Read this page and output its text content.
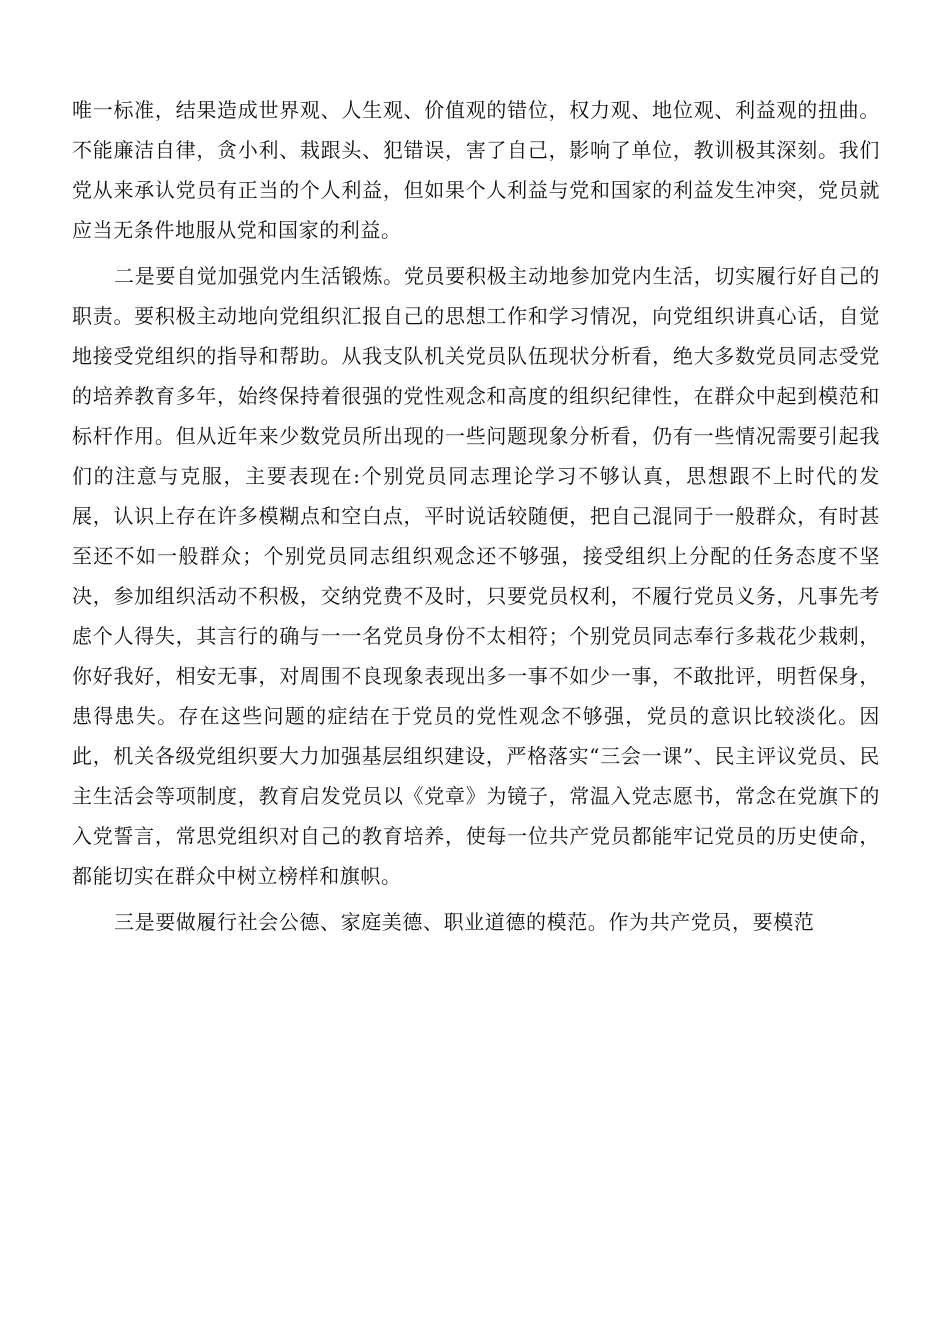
唯一标准，结果造成世界观、人生观、价值观的错位，权力观、地位观、利益观的扭曲。不能廉洁自律，贪小利、栽跟头、犯错误，害了自己，影响了单位，教训极其深刻。我们党从来承认党员有正当的个人利益，但如果个人利益与党和国家的利益发生冲突，党员就应当无条件地服从党和国家的利益。

二是要自觉加强党内生活锻炼。党员要积极主动地参加党内生活，切实履行好自己的职责。要积极主动地向党组织汇报自己的思想工作和学习情况，向党组织讲真心话，自觉地接受党组织的指导和帮助。从我支队机关党员队伍现状分析看，绝大多数党员同志受党的培养教育多年，始终保持着很强的党性观念和高度的组织纪律性，在群众中起到模范和标杆作用。但从近年来少数党员所出现的一些问题现象分析看，仍有一些情况需要引起我们的注意与克服，主要表现在:个别党员同志理论学习不够认真，思想跟不上时代的发展，认识上存在许多模糊点和空白点，平时说话较随便，把自己混同于一般群众，有时甚至还不如一般群众；个别党员同志组织观念还不够强，接受组织上分配的任务态度不坚决，参加组织活动不积极，交纳党费不及时，只要党员权利，不履行党员义务，凡事先考虑个人得失，其言行的确与一一名党员身份不太相符；个别党员同志奉行多栽花少栽刺，你好我好，相安无事，对周围不良现象表现出多一事不如少一事，不敢批评，明哲保身，患得患失。存在这些问题的症结在于党员的党性观念不够强，党员的意识比较淡化。因此，机关各级党组织要大力加强基层组织建设，严格落实“三会一课”、民主评议党员、民主生活会等项制度，教育启发党员以《党章》为镜子，常温入党志愿书，常念在党旗下的入党誓言，常思党组织对自己的教育培养，使每一位共产党员都能牢记党员的历史使命，都能切实在群众中树立榜样和旗帜。

三是要做履行社会公德、家庭美德、职业道德的模范。作为共产党员，要模范
